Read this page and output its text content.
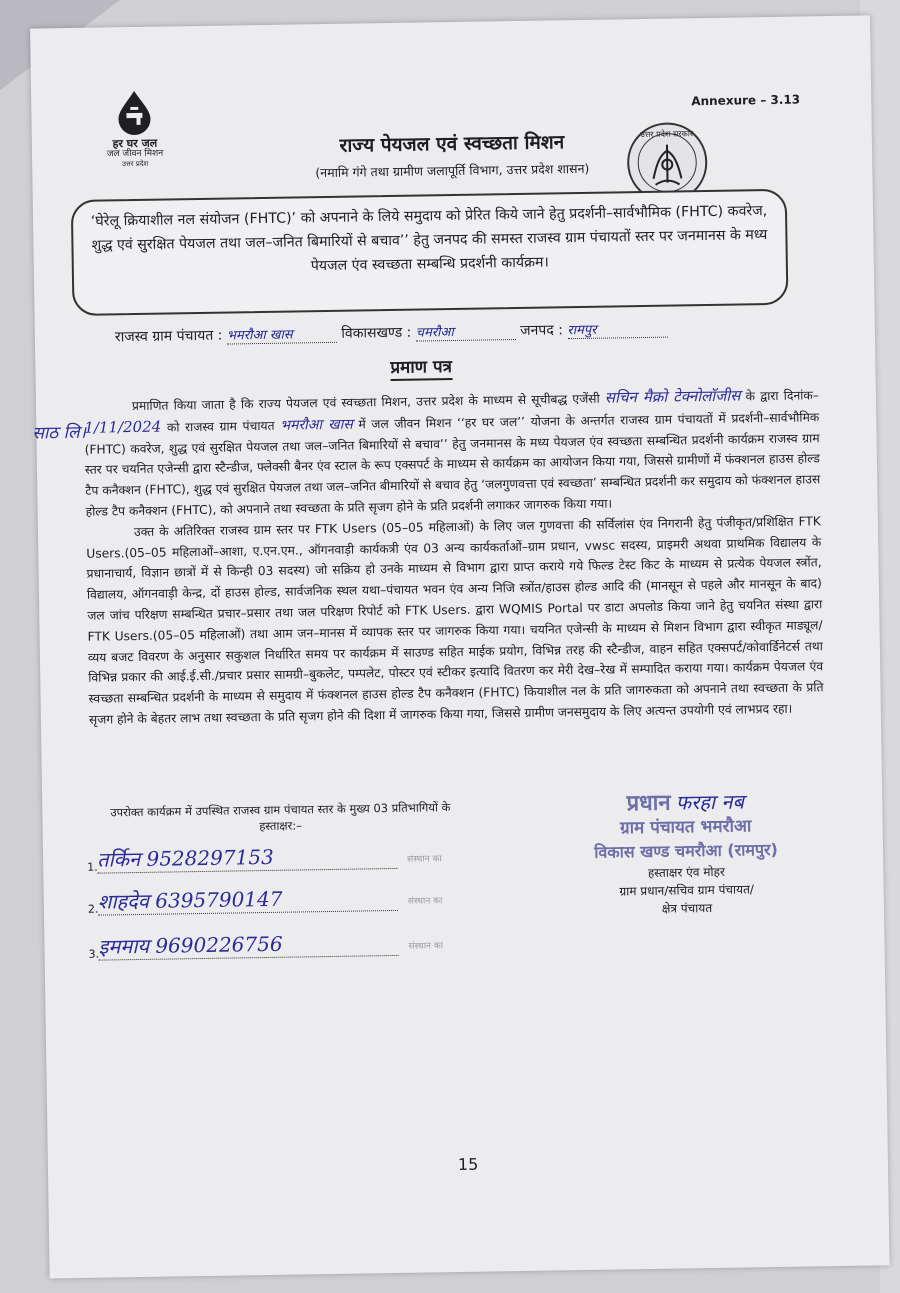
Annexure – 3.13
हर घर जल
जल जीवन मिशन
उत्तर प्रदेश
उत्तर प्रदेश सरकार
राज्य पेयजल एवं स्वच्छता मिशन
(नमामि गंगे तथा ग्रामीण जलापूर्ति विभाग, उत्तर प्रदेश शासन)
‘घेरेलू क्रियाशील नल संयोजन (FHTC)’ को अपनाने के लिये समुदाय को प्रेरित किये जाने हेतु प्रदर्शनी–सार्वभौमिक (FHTC) कवरेज, शुद्ध एवं सुरक्षित पेयजल तथा जल–जनित बिमारियों से बचाव’’ हेतु जनपद की समस्त राजस्व ग्राम पंचायतों स्तर पर जनमानस के मध्य पेयजल एंव स्वच्छता सम्बन्धि प्रदर्शनी कार्यक्रम।
राजस्व ग्राम पंचायत : भमरौआ खास	विकासखण्ड : चमरौआ	जनपद : रामपुर
प्रमाण पत्र
साठ लि।

प्रमाणित किया जाता है कि राज्य पेयजल एवं स्वच्छता मिशन, उत्तर प्रदेश के माध्यम से सूचीबद्ध एजेंसी सचिन मैक्रो टेक्नोलॉजीस के द्वारा दिनांक– 1/11/2024 को राजस्व ग्राम पंचायत भमरौआ खास में जल जीवन मिशन ‘‘हर घर जल’’ योजना के अन्तर्गत राजस्व ग्राम पंचायतों में प्रदर्शनी–सार्वभौमिक (FHTC) कवरेज, शुद्ध एवं सुरक्षित पेयजल तथा जल–जनित बिमारियों से बचाव’’ हेतु जनमानस के मध्य पेयजल एंव स्वच्छता सम्बन्धित प्रदर्शनी कार्यक्रम राजस्व ग्राम स्तर पर चयनित एजेन्सी द्वारा स्टैन्डीज, फ्लेक्सी बैनर एंव स्टाल के रूप एक्सपर्ट के माध्यम से कार्यक्रम का आयोजन किया गया, जिससे ग्रामीणों में फंक्शनल हाउस होल्ड टैप कनैक्शन (FHTC), शुद्ध एवं सुरक्षित पेयजल तथा जल–जनित बीमारियों से बचाव हेतु ‘जलगुणवत्ता एवं स्वच्छता’ सम्बन्धित प्रदर्शनी कर समुदाय को फंक्शनल हाउस होल्ड टैप कनैक्शन (FHTC), को अपनाने तथा स्वच्छता के प्रति सृजग होने के प्रति प्रदर्शनी लगाकर जागरुक किया गया।

उक्त के अतिरिक्त राजस्व ग्राम स्तर पर FTK Users (05–05 महिलाओं) के लिए जल गुणवत्ता की सर्विलांस एंव निगरानी हेतु पंजीकृत/प्रशिक्षित FTK Users.(05–05 महिलाओं–आशा, ए.एन.एम., ऑगनवाड़ी कार्यकत्री एंव 03 अन्य कार्यकर्ताओं–ग्राम प्रधान, vwsc सदस्य, प्राइमरी अथवा प्राथमिक विद्यालय के प्रधानाचार्य, विज्ञान छात्रों में से किन्ही 03 सदस्य) जो सक्रिय हो उनके माध्यम से विभाग द्वारा प्राप्त कराये गये फिल्ड टेस्ट किट के माध्यम से प्रत्येक पेयजल स्त्रोंत, विद्यालय, ऑगनवाड़ी केन्द्र, दों हाउस होल्ड, सार्वजनिक स्थल यथा–पंचायत भवन एंव अन्य निजि स्त्रोंत/हाउस होल्ड आदि की (मानसून से पहले और मानसून के बाद) जल जांच परिक्षण सम्बन्धित प्रचार–प्रसार तथा जल परिक्षण रिपोर्ट को FTK Users. द्वारा WQMIS Portal पर डाटा अपलोड किया जाने हेतु चयनित संस्था द्वारा FTK Users.(05–05 महिलाओं) तथा आम जन–मानस में व्यापक स्तर पर जागरुक किया गया। चयनित एजेन्सी के माध्यम से मिशन विभाग द्वारा स्वीकृत माड्यूल/व्यय बजट विवरण के अनुसार सकुशल निर्धारित समय पर कार्यक्रम में साउण्ड सहित माईक प्रयोग, विभिन्न तरह की स्टैन्डीज, वाहन सहित एक्सपर्ट/कोवार्डिनेटर्स तथा विभिन्न प्रकार की आई.ई.सी./प्रचार प्रसार सामग्री–बुकलेट, पम्पलेट, पोस्टर एवं स्टीकर इत्यादि वितरण कर मेरी देख–रेख में सम्पादित कराया गया। कार्यक्रम पेयजल एंव स्वच्छता सम्बन्धित प्रदर्शनी के माध्यम से समुदाय में फंक्शनल हाउस होल्ड टैप कनैक्शन (FHTC) कियाशील नल के प्रति जागरुकता को अपनाने तथा स्वच्छता के प्रति सृजग होने के बेहतर लाभ तथा स्वच्छता के प्रति सृजग होने की दिशा में जागरुक किया गया, जिससे ग्रामीण जनसमुदाय के लिए अत्यन्त उपयोगी एवं लाभप्रद रहा।

उपरोक्त कार्यक्रम में उपस्थित राजस्व ग्राम पंचायत स्तर के मुख्य 03 प्रतिभागियों के
हस्ताक्षर:–
1. तर्किन 9528297153	संस्थान का
2. शाहदेव 6395790147	संस्थान का
3. इममाय 9690226756	संस्थान का
प्रधान फरहा नब
ग्राम पंचायत भमरौआ
विकास खण्ड चमरौआ (रामपुर)
हस्ताक्षर एंव मोहर
ग्राम प्रधान/सचिव ग्राम पंचायत/
क्षेत्र पंचायत
15
